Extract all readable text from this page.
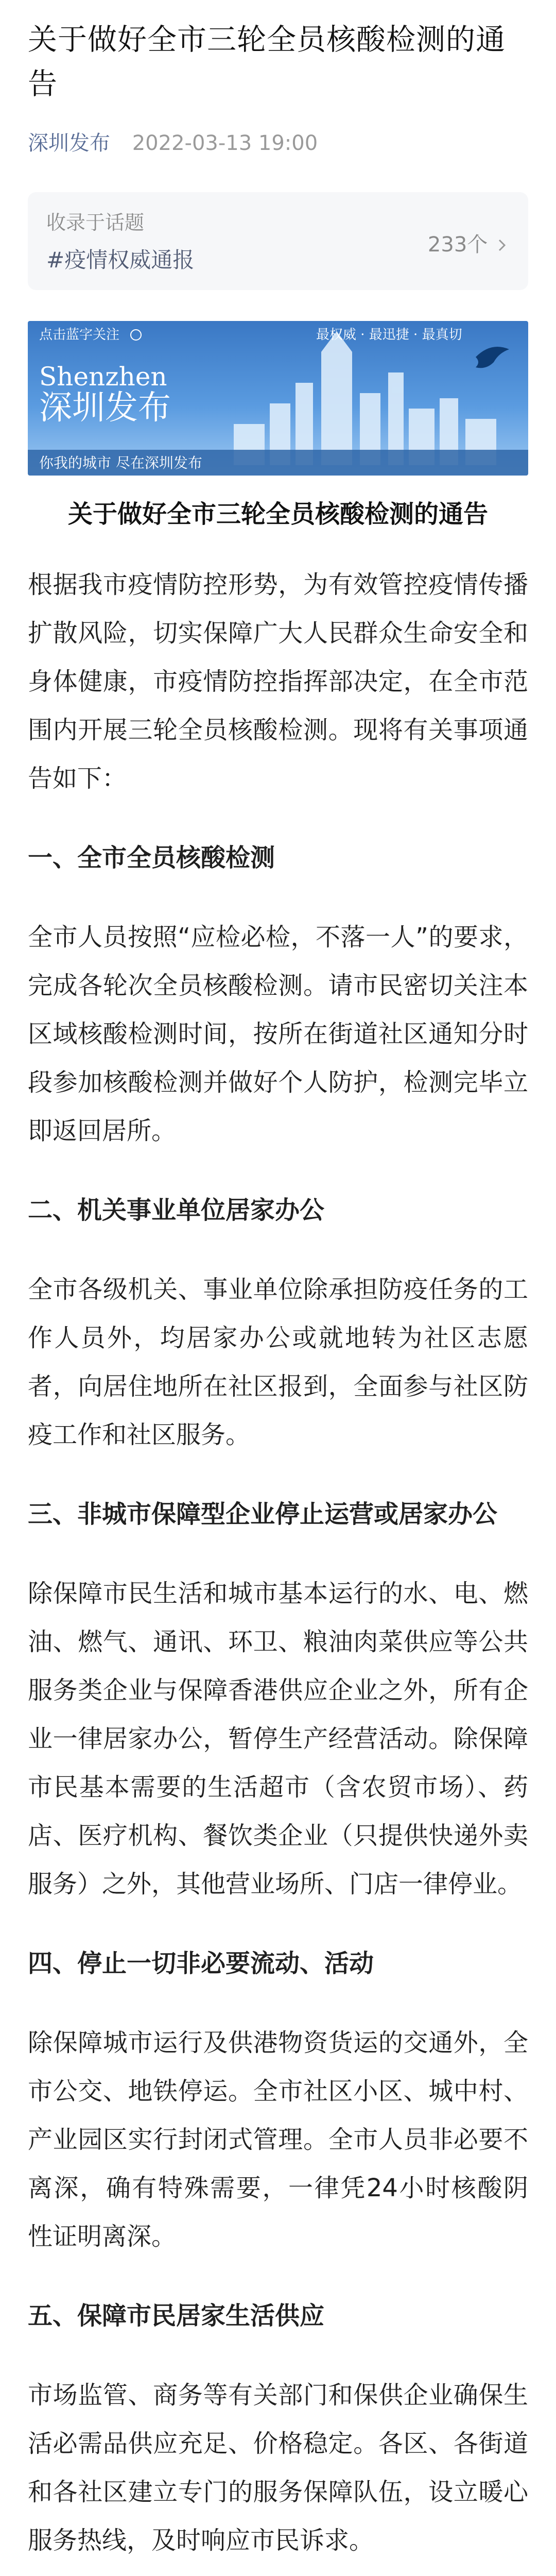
关于做好全市三轮全员核酸检测的通告
深圳发布 2022-03-13 19:00
收录于话题
#疫情权威通报
233个
点击蓝字关注	最权威 · 最迅捷 · 最真切
Shenzhen
深圳发布
你我的城市 尽在深圳发布
关于做好全市三轮全员核酸检测的通告

根据我市疫情防控形势，为有效管控疫情传播扩散风险，切实保障广大人民群众生命安全和身体健康，市疫情防控指挥部决定，在全市范围内开展三轮全员核酸检测。现将有关事项通告如下：

一、全市全员核酸检测

全市人员按照“应检必检，不落一人”的要求，完成各轮次全员核酸检测。请市民密切关注本区域核酸检测时间，按所在街道社区通知分时段参加核酸检测并做好个人防护，检测完毕立即返回居所。

二、机关事业单位居家办公

全市各级机关、事业单位除承担防疫任务的工作人员外，均居家办公或就地转为社区志愿者，向居住地所在社区报到，全面参与社区防疫工作和社区服务。

三、非城市保障型企业停止运营或居家办公

除保障市民生活和城市基本运行的水、电、燃油、燃气、通讯、环卫、粮油肉菜供应等公共服务类企业与保障香港供应企业之外，所有企业一律居家办公，暂停生产经营活动。除保障市民基本需要的生活超市（含农贸市场）、药店、医疗机构、餐饮类企业（只提供快递外卖服务）之外，其他营业场所、门店一律停业。

四、停止一切非必要流动、活动

除保障城市运行及供港物资货运的交通外，全市公交、地铁停运。全市社区小区、城中村、产业园区实行封闭式管理。全市人员非必要不离深，确有特殊需要，一律凭24小时核酸阴性证明离深。

五、保障市民居家生活供应

市场监管、商务等有关部门和保供企业确保生活必需品供应充足、价格稳定。各区、各街道和各社区建立专门的服务保障队伍，设立暖心服务热线，及时响应市民诉求。
